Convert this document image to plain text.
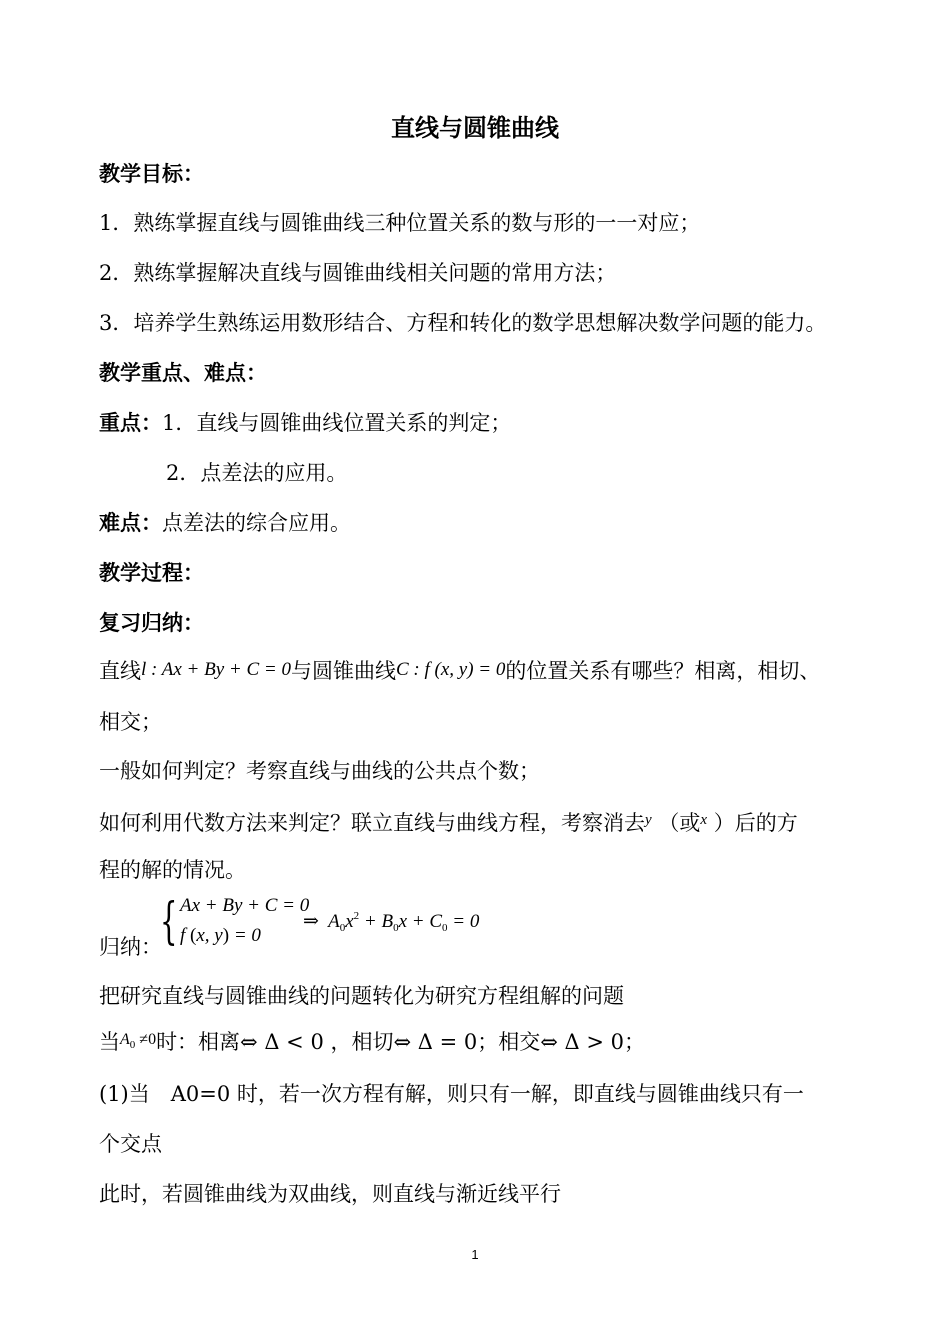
直线与圆锥曲线
教学目标：
1．熟练掌握直线与圆锥曲线三种位置关系的数与形的一一对应；
2．熟练掌握解决直线与圆锥曲线相关问题的常用方法；
3．培养学生熟练运用数形结合、方程和转化的数学思想解决数学问题的能力。
教学重点、难点：
重点：1．直线与圆锥曲线位置关系的判定；
2．点差法的应用。
难点：点差法的综合应用。
教学过程：
复习归纳：
直线l : Ax + By + C = 0与圆锥曲线C : f (x, y) = 0的位置关系有哪些？相离，相切、
相交；
一般如何判定？考察直线与曲线的公共点个数；
如何利用代数方法来判定？联立直线与曲线方程，考察消去$^y$ （或$^x$ ）后的方
程的解的情况。
归纳：
{ Ax + By + C = 0
f (x, y) = 0
⇒  $A_0x^2 + B_0x + C_0 = 0$
把研究直线与圆锥曲线的问题转化为研究方程组解的问题
当$^{A_0 \ne 0}$时：相离⇔ Δ < 0 ，相切⇔ Δ = 0；相交⇔ Δ > 0；
(1)当　A0=0 时，若一次方程有解，则只有一解，即直线与圆锥曲线只有一
个交点
此时，若圆锥曲线为双曲线，则直线与渐近线平行
1
